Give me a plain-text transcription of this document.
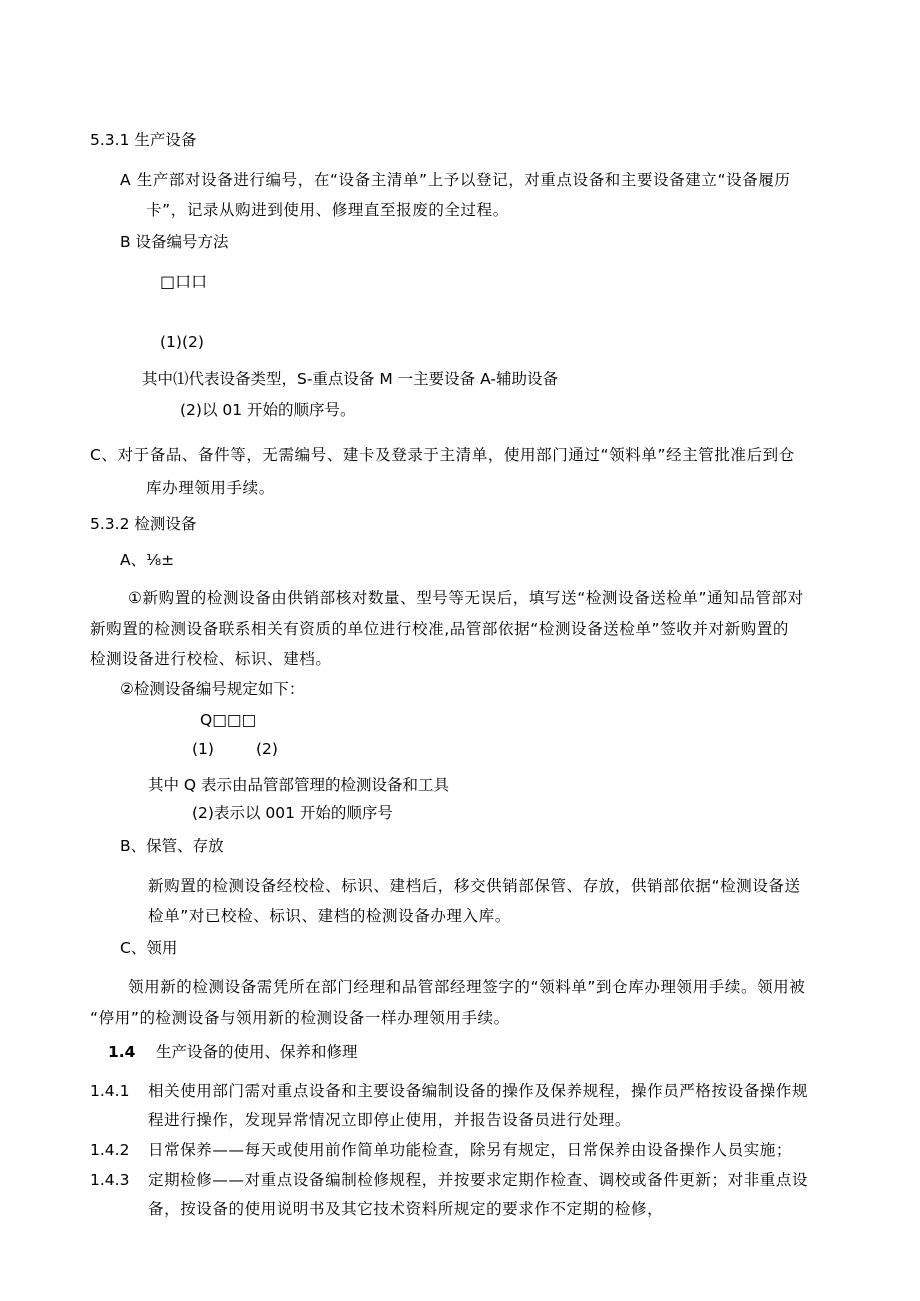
5.3.1 生产设备
A 生产部对设备进行编号，在“设备主清单”上予以登记，对重点设备和主要设备建立“设备履历
卡”，记录从购进到使用、修理直至报废的全过程。
B 设备编号方法
□口口
(1)(2)
其中⑴代表设备类型，S-重点设备 M 一主要设备 A-辅助设备
(2)以 01 开始的顺序号。
C、对于备品、备件等，无需编号、建卡及登录于主清单，使用部门通过“领料单”经主管批准后到仓
库办理领用手续。
5.3.2 检测设备
A、⅛±
①新购置的检测设备由供销部核对数量、型号等无误后，填写送“检测设备送检单”通知品管部对
新购置的检测设备联系相关有资质的单位进行校准,品管部依据“检测设备送检单”签收并对新购置的
检测设备进行校检、标识、建档。
②检测设备编号规定如下：
Q□□□
(1)	(2)
其中 Q 表示由品管部管理的检测设备和工具
(2)表示以 001 开始的顺序号
B、保管、存放
新购置的检测设备经校检、标识、建档后，移交供销部保管、存放，供销部依据“检测设备送
检单”对已校检、标识、建档的检测设备办理入库。
C、领用
领用新的检测设备需凭所在部门经理和品管部经理签字的“领料单”到仓库办理领用手续。领用被
“停用”的检测设备与领用新的检测设备一样办理领用手续。
1.4 生产设备的使用、保养和修理
1.4.1 相关使用部门需对重点设备和主要设备编制设备的操作及保养规程，操作员严格按设备操作规
程进行操作，发现异常情况立即停止使用，并报告设备员进行处理。
1.4.2 日常保养——每天或使用前作简单功能检查，除另有规定，日常保养由设备操作人员实施；
1.4.3 定期检修——对重点设备编制检修规程，并按要求定期作检查、调校或备件更新；对非重点设
备，按设备的使用说明书及其它技术资料所规定的要求作不定期的检修，
